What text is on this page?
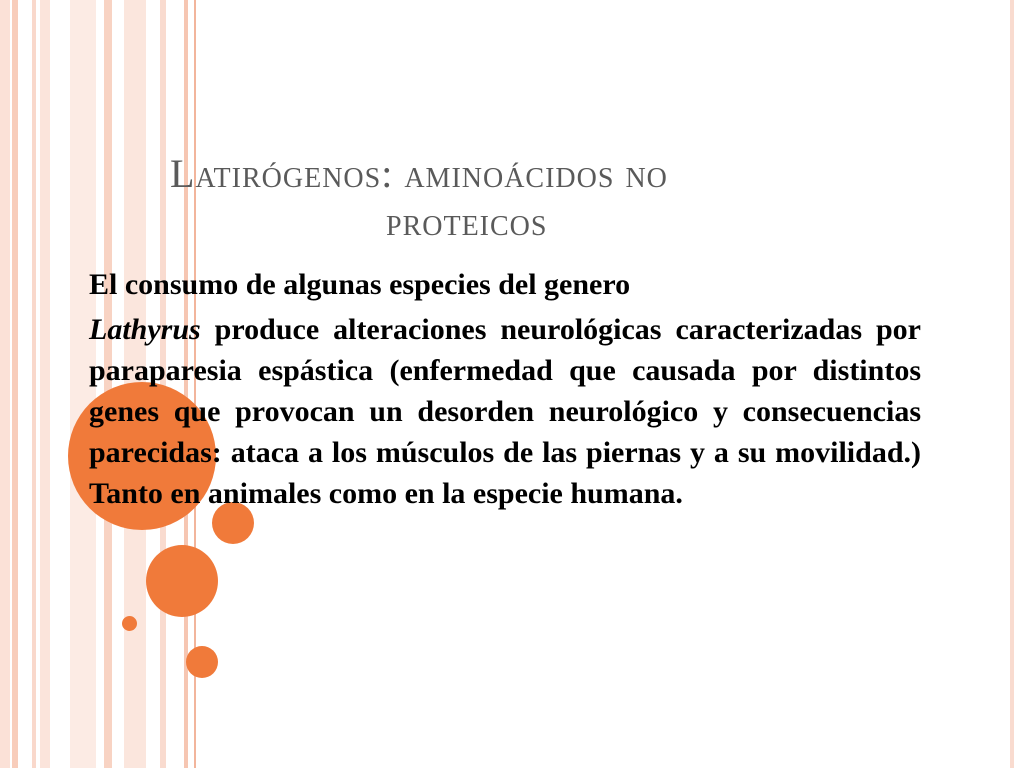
Latirógenos: aminoácidos no
proteicos
El consumo de algunas especies del genero
Lathyrus produce alteraciones neurológicas caracterizadas por paraparesia espástica (enfermedad que causada por distintos genes que provocan un desorden neurológico y consecuencias parecidas: ataca a los músculos de las piernas y a su movilidad.) Tanto en animales como en la especie humana.
